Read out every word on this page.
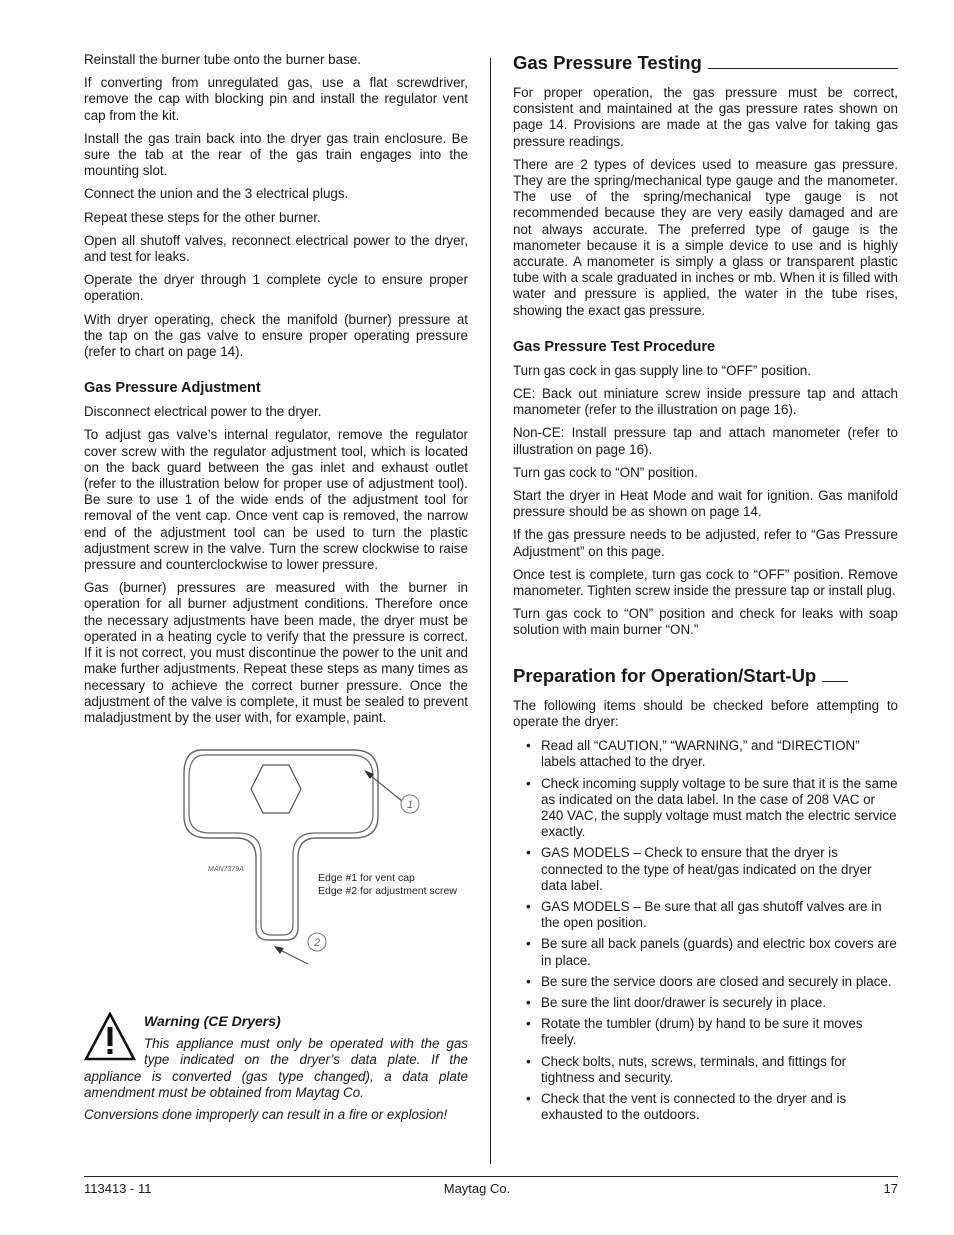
Reinstall the burner tube onto the burner base.

If converting from unregulated gas, use a flat screwdriver, remove the cap with blocking pin and install the regulator vent cap from the kit.

Install the gas train back into the dryer gas train enclosure. Be sure the tab at the rear of the gas train engages into the mounting slot.

Connect the union and the 3 electrical plugs.

Repeat these steps for the other burner.

Open all shutoff valves, reconnect electrical power to the dryer, and test for leaks.

Operate the dryer through 1 complete cycle to ensure proper operation.

With dryer operating, check the manifold (burner) pressure at the tap on the gas valve to ensure proper operating pressure (refer to chart on page 14).

Gas Pressure Adjustment

Disconnect electrical power to the dryer.

To adjust gas valve’s internal regulator, remove the regulator cover screw with the regulator adjustment tool, which is located on the back guard between the gas inlet and exhaust outlet (refer to the illustration below for proper use of adjustment tool). Be sure to use 1 of the wide ends of the adjustment tool for removal of the vent cap. Once vent cap is removed, the narrow end of the adjustment tool can be used to turn the plastic adjustment screw in the valve. Turn the screw clockwise to raise pressure and counterclockwise to lower pressure.

Gas (burner) pressures are measured with the burner in operation for all burner adjustment conditions. Therefore once the necessary adjustments have been made, the dryer must be operated in a heating cycle to verify that the pressure is correct. If it is not correct, you must discontinue the power to the unit and make further adjustments. Repeat these steps as many times as necessary to achieve the correct burner pressure. Once the adjustment of the valve is complete, it must be sealed to prevent maladjustment by the user with, for example, paint.

1
2
MAN7379A
Edge #1 for vent cap
Edge #2 for adjustment screw
Warning (CE Dryers)

This appliance must only be operated with the gas type indicated on the dryer’s data plate. If the appliance is converted (gas type changed), a data plate amendment must be obtained from Maytag Co.

Conversions done improperly can result in a fire or explosion!

Gas Pressure Testing

For proper operation, the gas pressure must be correct, consistent and maintained at the gas pressure rates shown on page 14. Provisions are made at the gas valve for taking gas pressure readings.

There are 2 types of devices used to measure gas pressure. They are the spring/mechanical type gauge and the manometer. The use of the spring/mechanical type gauge is not recommended because they are very easily damaged and are not always accurate. The preferred type of gauge is the manometer because it is a simple device to use and is highly accurate. A manometer is simply a glass or transparent plastic tube with a scale graduated in inches or mb. When it is filled with water and pressure is applied, the water in the tube rises, showing the exact gas pressure.

Gas Pressure Test Procedure

Turn gas cock in gas supply line to “OFF” position.

CE: Back out miniature screw inside pressure tap and attach manometer (refer to the illustration on page 16).

Non-CE: Install pressure tap and attach manometer (refer to illustration on page 16).

Turn gas cock to “ON” position.

Start the dryer in Heat Mode and wait for ignition. Gas manifold pressure should be as shown on page 14.

If the gas pressure needs to be adjusted, refer to “Gas Pressure Adjustment” on this page.

Once test is complete, turn gas cock to “OFF” position. Remove manometer. Tighten screw inside the pressure tap or install plug.

Turn gas cock to “ON” position and check for leaks with soap solution with main burner “ON.”

Preparation for Operation/Start-Up

The following items should be checked before attempting to operate the dryer:

• Read all “CAUTION,” “WARNING,” and “DIRECTION” labels attached to the dryer.
• Check incoming supply voltage to be sure that it is the same as indicated on the data label. In the case of 208 VAC or 240 VAC, the supply voltage must match the electric service exactly.
• GAS MODELS – Check to ensure that the dryer is connected to the type of heat/gas indicated on the dryer data label.
• GAS MODELS – Be sure that all gas shutoff valves are in the open position.
• Be sure all back panels (guards) and electric box covers are in place.
• Be sure the service doors are closed and securely in place.
• Be sure the lint door/drawer is securely in place.
• Rotate the tumbler (drum) by hand to be sure it moves freely.
• Check bolts, nuts, screws, terminals, and fittings for tightness and security.
• Check that the vent is connected to the dryer and is exhausted to the outdoors.
113413 - 11	Maytag Co.	17
